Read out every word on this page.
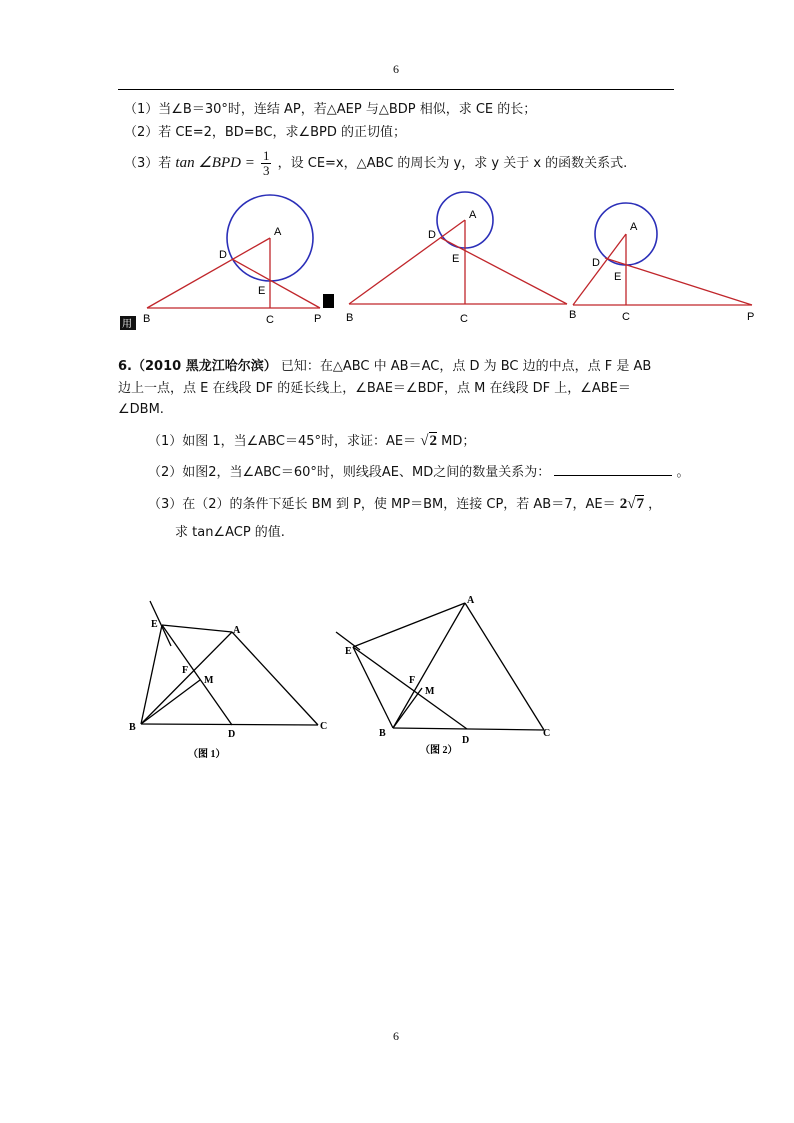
6
（1）当∠B＝30°时，连结 AP，若△AEP 与△BDP 相似，求 CE 的长；
（2）若 CE=2，BD=BC，求∠BPD 的正切值；
（3）若 tan ∠BPD = $\frac{1}{3}$ ，设 CE=x，△ABC 的周长为 y，求 y 关于 x 的函数关系式.
用
A
D
E
B	C	P
A
D
E
B	C
A
D
E
B	C	P
6.（2010 黑龙江哈尔滨） 已知：在△ABC 中 AB＝AC，点 D 为 BC 边的中点，点 F 是 AB
边上一点，点 E 在线段 DF 的延长线上，∠BAE＝∠BDF，点 M 在线段 DF 上，∠ABE＝
∠DBM.
（1）如图 1，当∠ABC＝45°时，求证：AE＝ √2 MD；
（2）如图2，当∠ABC＝60°时，则线段AE、MD之间的数量关系为：	。
（3）在（2）的条件下延长 BM 到 P，使 MP＝BM，连接 CP，若 AB＝7，AE＝ 2√7 ，
求 tan∠ACP 的值.
E
A
F
M
B
D
C
（图 1）
A
E
F
M
B
D
C
（图 2）
6
